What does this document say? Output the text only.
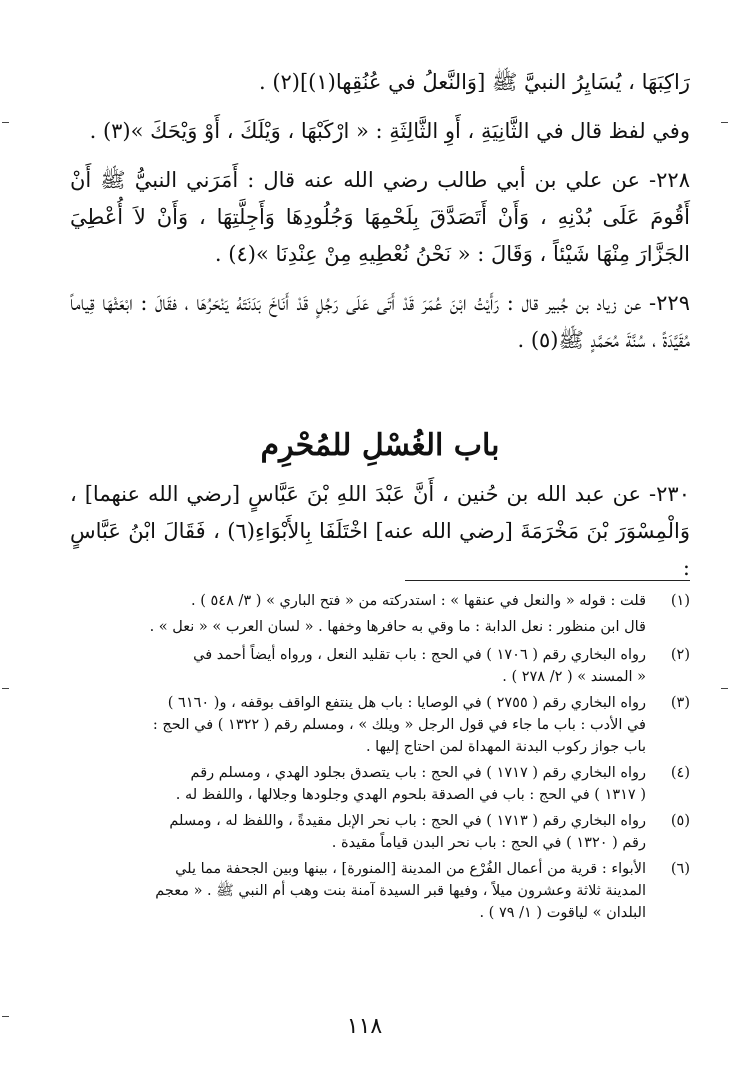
رَاكِبَهَا ، يُسَايِرُ النبيَّ ﷺ [وَالنَّعلُ في عُنُقِها(١)](٢) .

وفي لفظ قال في الثَّانِيَةِ ، أَوِ الثَّالِثَةِ : « ارْكَبْهَا ، وَيْلَكَ ، أَوْ وَيْحَكَ »(٣) .

٢٢٨- عن علي بن أبي طالب رضي الله عنه قال : أَمَرَني النبيُّ ﷺ أَنْ أَقُومَ عَلَى بُدْنِهِ ، وَأَنْ أَتَصَدَّقَ بِلَحْمِهَا وَجُلُودِهَا وَأَجِلَّتِهَا ، وَأَنْ لاَ أُعْطِيَ الجَزَّارَ مِنْهَا شَيْئاً ، وَقَالَ : « نَحْنُ نُعْطِيهِ مِنْ عِنْدِنَا »(٤) .

٢٢٩- عن زياد بن جُبير قال : رَأَيْتُ ابْنَ عُمَرَ قَدْ أَتَى عَلَى رَجُلٍ قَدْ أَنَاخَ بَدَنَتَهُ يَنْحَرُهَا ، فقَالَ : ابْعَثْهَا قِياماً مُقَيَّدَةً ، سُنَّةَ مُحَمَّدٍ ﷺ(٥) .

باب الغُسْلِ للمُحْرِم

٢٣٠- عن عبد الله بن حُنين ، أَنَّ عَبْدَ اللهِ بْنَ عَبَّاسٍ [رضي الله عنهما] ، وَالْمِسْوَرَ بْنَ مَخْرَمَةَ [رضي الله عنه] اخْتَلَفَا بِالأَبْوَاءِ(٦) ، فَقَالَ ابْنُ عَبَّاسٍ :

(١)
قلت : قوله « والنعل في عنقها » : استدركته من « فتح الباري » ( ٣/ ٥٤٨ ) .
قال ابن منظور : نعل الدابة : ما وقي به حافرها وخفها . « لسان العرب » « نعل » .
(٢)
رواه البخاري رقم ( ١٧٠٦ ) في الحج : باب تقليد النعل ، ورواه أيضاً أحمد في
« المسند » ( ٢/ ٢٧٨ ) .
(٣)
رواه البخاري رقم ( ٢٧٥٥ ) في الوصايا : باب هل ينتفع الواقف بوقفه ، و( ٦١٦٠ )
في الأدب : باب ما جاء في قول الرجل « ويلك » ، ومسلم رقم ( ١٣٢٢ ) في الحج :
باب جواز ركوب البدنة المهداة لمن احتاج إليها .
(٤)
رواه البخاري رقم ( ١٧١٧ ) في الحج : باب يتصدق بجلود الهدي ، ومسلم رقم
( ١٣١٧ ) في الحج : باب في الصدقة بلحوم الهدي وجلودها وجلالها ، واللفظ له .
(٥)
رواه البخاري رقم ( ١٧١٣ ) في الحج : باب نحر الإبل مقيدةً ، واللفظ له ، ومسلم
رقم ( ١٣٢٠ ) في الحج : باب نحر البدن قياماً مقيدة .
(٦)
الأبواء : قرية من أعمال الفُرْع من المدينة [المنورة] ، بينها وبين الجحفة مما يلي
المدينة ثلاثة وعشرون ميلاً ، وفيها قبر السيدة آمنة بنت وهب أم النبي ﷺ . « معجم
البلدان » لياقوت ( ١/ ٧٩ ) .
١١٨
